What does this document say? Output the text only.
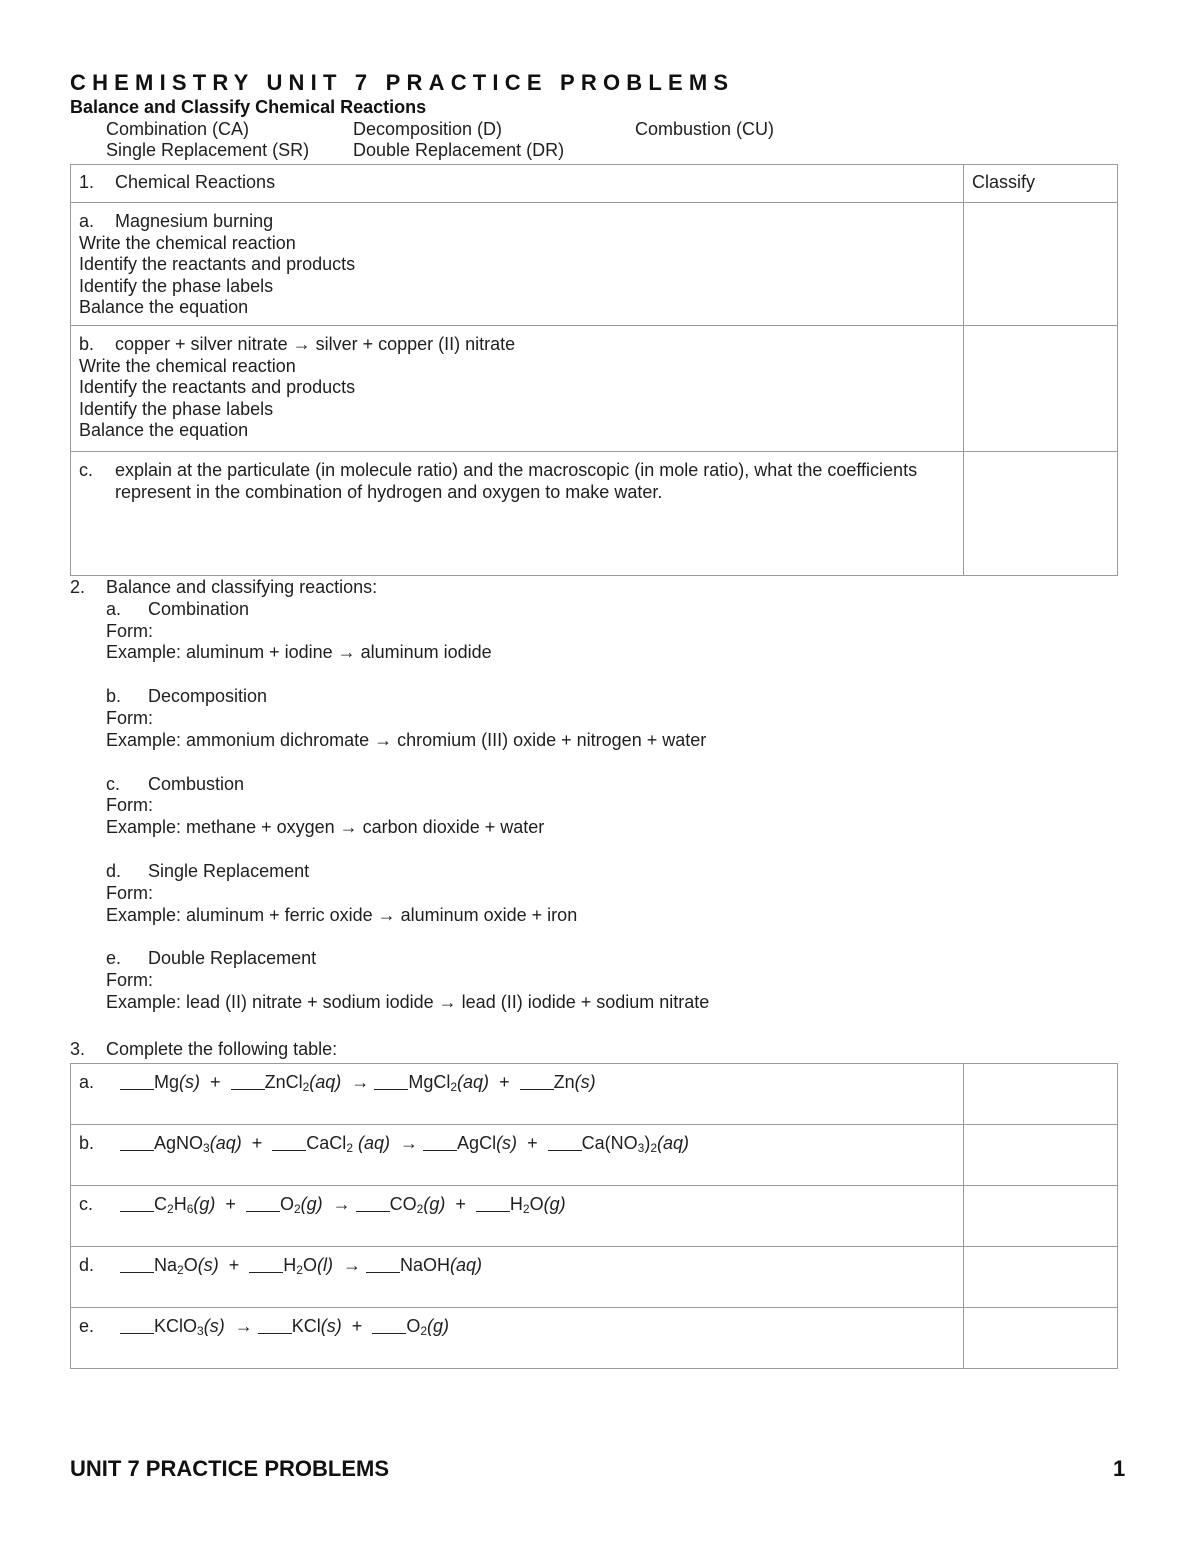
CHEMISTRY UNIT 7 PRACTICE PROBLEMS
Balance and Classify Chemical Reactions
Combination (CA)	Decomposition (D)	Combustion (CU)
Single Replacement (SR) Double Replacement (DR)
1. Chemical Reactions	Classify

a. Magnesium burning
Write the chemical reaction
Identify the reactants and products
Identify the phase labels
Balance the equation	

b. copper + silver nitrate → silver + copper (II) nitrate
Write the chemical reaction
Identify the reactants and products
Identify the phase labels
Balance the equation	

c. explain at the particulate (in molecule ratio) and the macroscopic (in mole ratio), what the coefficients represent in the combination of hydrogen and oxygen to make water.	

2. Balance and classifying reactions:
a. Combination
Form:
Example: aluminum + iodine → aluminum iodide
b. Decomposition
Form:
Example: ammonium dichromate → chromium (III) oxide + nitrogen + water
c. Combustion
Form:
Example: methane + oxygen → carbon dioxide + water
d. Single Replacement
Form:
Example: aluminum + ferric oxide → aluminum oxide + iron
e. Double Replacement
Form:
Example: lead (II) nitrate + sodium iodide → lead (II) iodide + sodium nitrate
3. Complete the following table:
a. Mg(s) + ZnCl$_2$(aq) → MgCl$_2$(aq) + Zn(s)	
b. AgNO$_3$(aq) + CaCl$_2$ (aq) → AgCl(s) + $Ca(NO_3)_2(aq)$	
c. $C_2H_6(g) + O_2(g) \to CO_2(g) + H_2O(g)$	
d. $Na_2O(s) + H_2O(l)$ → NaOH(aq)	
e. KClO$_3$(s) → $KCl(s) + O_2(g)$	
UNIT 7 PRACTICE PROBLEMS	1
